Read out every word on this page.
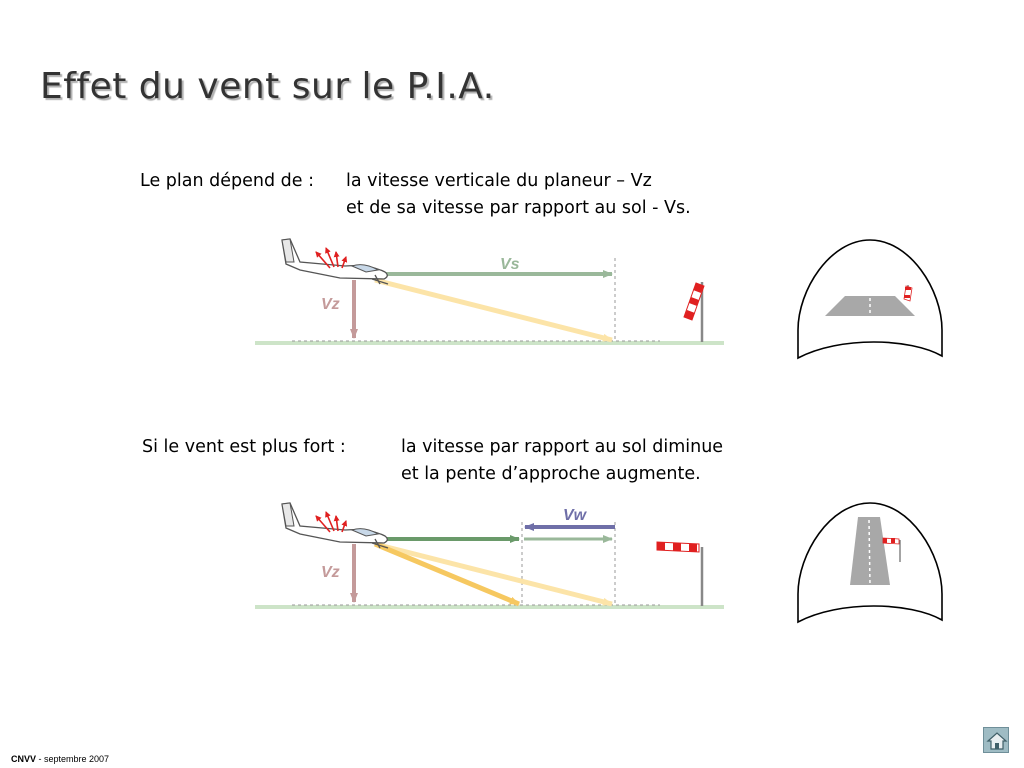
Effet du vent sur le P.I.A.
Le plan dépend de : la vitesse verticale du planeur – Vz
et de sa vitesse par rapport au sol - Vs.
Si le vent est plus fort :	la vitesse par rapport au sol diminue
et la pente d’approche augmente.
Vs
Vz
Vw
Vz
CNVV - septembre 2007
